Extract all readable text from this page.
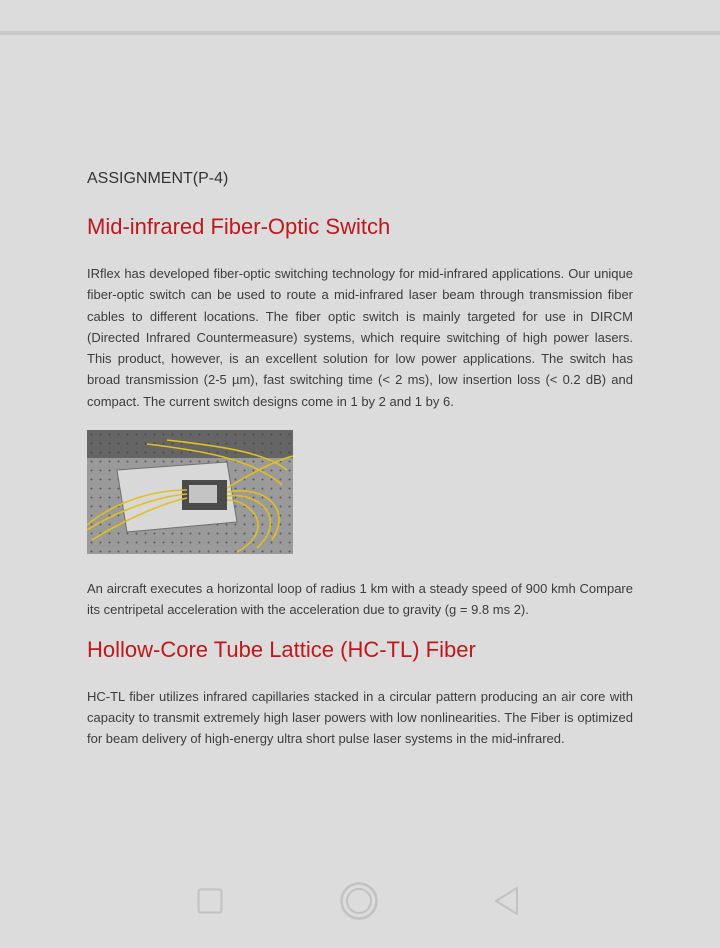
ASSIGNMENT(P-4)

Mid-infrared Fiber-Optic Switch

IRflex has developed fiber-optic switching technology for mid-infrared applications. Our unique fiber-optic switch can be used to route a mid-infrared laser beam through transmission fiber cables to different locations. The fiber optic switch is mainly targeted for use in DIRCM (Directed Infrared Countermeasure) systems, which require switching of high power lasers. This product, however, is an excellent solution for low power applications. The switch has broad transmission (2-5 µm), fast switching time (< 2 ms), low insertion loss (< 0.2 dB) and compact. The current switch designs come in 1 by 2 and 1 by 6.

An aircraft executes a horizontal loop of radius 1 km with a steady speed of 900 kmh Compare its centripetal acceleration with the acceleration due to gravity (g = 9.8 ms 2).

Hollow-Core Tube Lattice (HC-TL) Fiber

HC-TL fiber utilizes infrared capillaries stacked in a circular pattern producing an air core with capacity to transmit extremely high laser powers with low nonlinearities. The Fiber is optimized for beam delivery of high-energy ultra short pulse laser systems in the mid-infrared.
